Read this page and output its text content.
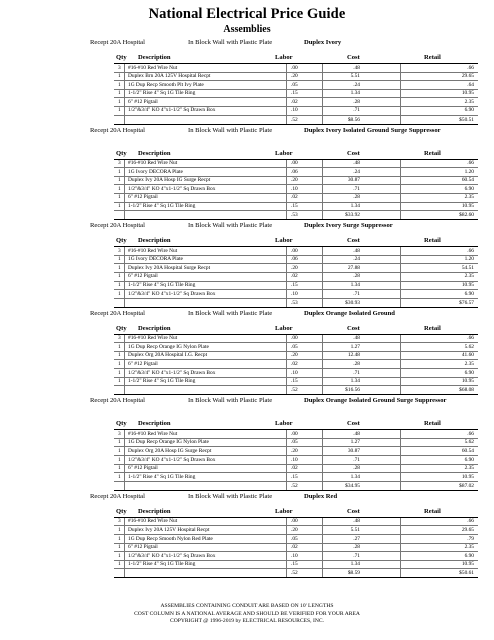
National Electrical Price Guide
Assemblies
Recept 20A Hospital	In Block Wall with Plastic Plate	Duplex Ivory
Qty Description	Labor	Cost	Retail
3 #16-#10 Red Wire Nut	.00	.48	.66
1 Duplex Brn 20A 125V Hospital Recpt	.20	5.51	29.65
1 1G Dup Recp Smooth Plt Ivy Plate	.05	.24	.64
1 1-1/2" Rise 4" Sq 1G Tile Ring	.15	1.34	10.95
1 6" #12 Pigtail	.02	.28	2.35
1 1/2"&3/4" KO 4"x1-1/2" Sq Drawn Box	.10	.71	6.90
.52	$8.56	$50.51
Recept 20A Hospital	In Block Wall with Plastic Plate	Duplex Ivory Isolated Ground Surge Suppressor
Qty Description	Labor	Cost	Retail
3 #16-#10 Red Wire Nut	.00	.48	.66
1 1G Ivory DECORA Plate	.06	.24	1.20
1 Duplex Ivy 20A Hosp IG Surge Recpt	.20	30.87	60.54
1 1/2"&3/4" KO 4"x1-1/2" Sq Drawn Box	.10	.71	6.90
1 6" #12 Pigtail	.02	.28	2.35
1 1-1/2" Rise 4" Sq 1G Tile Ring	.15	1.34	10.95
.53	$33.92	$82.60
Recept 20A Hospital	In Block Wall with Plastic Plate	Duplex Ivory Surge Suppressor
Qty Description	Labor	Cost	Retail
3 #16-#10 Red Wire Nut	.00	.48	.66
1 1G Ivory DECORA Plate	.06	.24	1.20
1 Duplex Ivy 20A Hospital Surge Recpt	.20	27.88	54.51
1 6" #12 Pigtail	.02	.28	2.35
1 1-1/2" Rise 4" Sq 1G Tile Ring	.15	1.34	10.95
1 1/2"&3/4" KO 4"x1-1/2" Sq Drawn Box	.10	.71	6.90
.53	$30.93	$76.57
Recept 20A Hospital	In Block Wall with Plastic Plate	Duplex Orange Isolated Ground
Qty Description	Labor	Cost	Retail
3 #16-#10 Red Wire Nut	.00	.48	.66
1 1G Dup Recp Orange IG Nylon Plate	.05	1.27	5.62
1 Duplex Org 20A Hospital I.G. Recpt	.20	12.48	41.60
1 6" #12 Pigtail	.02	.28	2.35
1 1/2"&3/4" KO 4"x1-1/2" Sq Drawn Box	.10	.71	6.90
1 1-1/2" Rise 4" Sq 1G Tile Ring	.15	1.34	10.95
.52	$16.56	$68.08
Recept 20A Hospital	In Block Wall with Plastic Plate	Duplex Orange Isolated Ground Surge Suppressor
Qty Description	Labor	Cost	Retail
3 #16-#10 Red Wire Nut	.00	.48	.66
1 1G Dup Recp Orange IG Nylon Plate	.05	1.27	5.62
1 Duplex Org 20A Hosp IG Surge Recpt	.20	30.87	60.54
1 1/2"&3/4" KO 4"x1-1/2" Sq Drawn Box	.10	.71	6.90
1 6" #12 Pigtail	.02	.28	2.35
1 1-1/2" Rise 4" Sq 1G Tile Ring	.15	1.34	10.95
.52	$34.95	$87.02
Recept 20A Hospital	In Block Wall with Plastic Plate	Duplex Red
Qty Description	Labor	Cost	Retail
3 #16-#10 Red Wire Nut	.00	.48	.66
1 Duplex Ivy 20A 125V Hospital Recpt	.20	5.51	29.65
1 1G Dup Recp Smooth Nylon Red Plate	.05	.27	.79
1 6" #12 Pigtail	.02	.28	2.35
1 1/2"&3/4" KO 4"x1-1/2" Sq Drawn Box	.10	.71	6.90
1 1-1/2" Rise 4" Sq 1G Tile Ring	.15	1.34	10.95
.52	$8.59	$50.61
ASSEMBLIES CONTAINING CONDUIT ARE BASED ON 10' LENGTHS
COST COLUMN IS A NATIONAL AVERAGE AND SHOULD BE VERIFIED FOR YOUR AREA
COPYRIGHT @ 1996-2019 by ELECTRICAL RESOURCES, INC.
